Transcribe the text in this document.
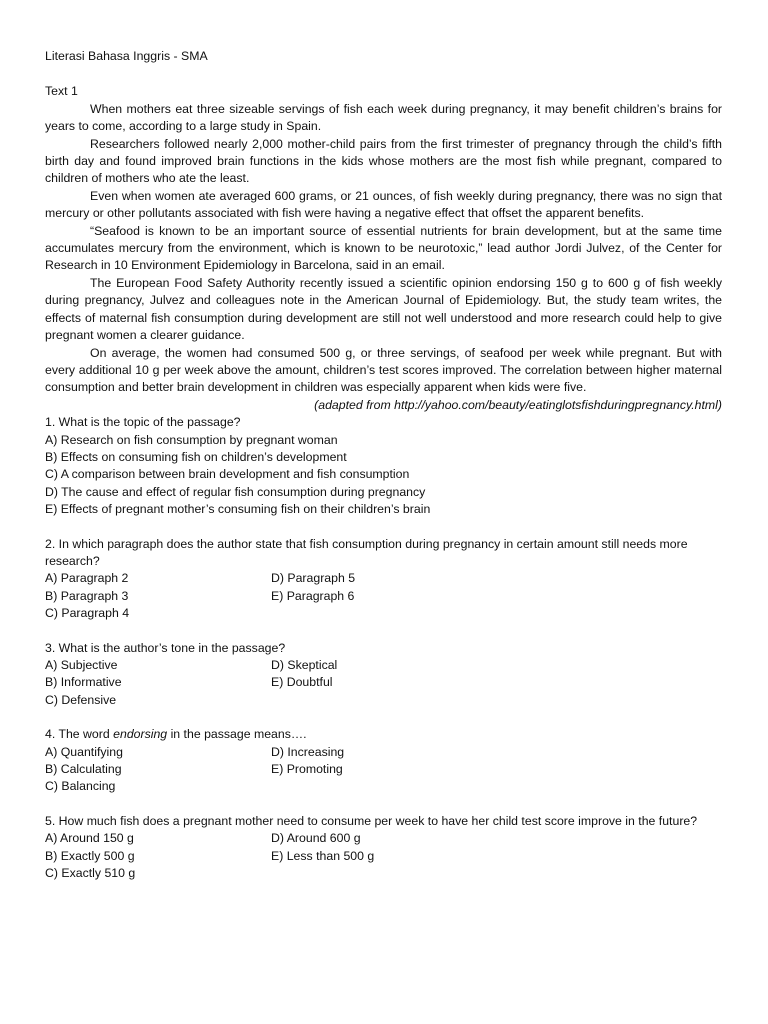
Literasi Bahasa Inggris - SMA
Text 1

When mothers eat three sizeable servings of fish each week during pregnancy, it may benefit children’s brains for years to come, according to a large study in Spain.

Researchers followed nearly 2,000 mother-child pairs from the first trimester of pregnancy through the child’s fifth birth day and found improved brain functions in the kids whose mothers are the most fish while pregnant, compared to children of mothers who ate the least.

Even when women ate averaged 600 grams, or 21 ounces, of fish weekly during pregnancy, there was no sign that mercury or other pollutants associated with fish were having a negative effect that offset the apparent benefits.

“Seafood is known to be an important source of essential nutrients for brain development, but at the same time accumulates mercury from the environment, which is known to be neurotoxic,” lead author Jordi Julvez, of the Center for Research in 10 Environment Epidemiology in Barcelona, said in an email.

The European Food Safety Authority recently issued a scientific opinion endorsing 150 g to 600 g of fish weekly during pregnancy, Julvez and colleagues note in the American Journal of Epidemiology. But, the study team writes, the effects of maternal fish consumption during development are still not well understood and more research could help to give pregnant women a clearer guidance.

On average, the women had consumed 500 g, or three servings, of seafood per week while pregnant. But with every additional 10 g per week above the amount, children’s test scores improved. The correlation between higher maternal consumption and better brain development in children was especially apparent when kids were five.

(adapted from http://yahoo.com/beauty/eatinglotsfishduringpregnancy.html)
1. What is the topic of the passage?
A) Research on fish consumption by pregnant woman
B) Effects on consuming fish on children’s development
C) A comparison between brain development and fish consumption
D) The cause and effect of regular fish consumption during pregnancy
E) Effects of pregnant mother’s consuming fish on their children’s brain
2. In which paragraph does the author state that fish consumption during pregnancy in certain amount still needs more research?
A) Paragraph 2	D) Paragraph 5
B) Paragraph 3	E) Paragraph 6
C) Paragraph 4
3. What is the author’s tone in the passage?
A) Subjective	D) Skeptical
B) Informative	E) Doubtful
C) Defensive
4. The word endorsing in the passage means….
A) Quantifying	D) Increasing
B) Calculating	E) Promoting
C) Balancing
5. How much fish does a pregnant mother need to consume per week to have her child test score improve in the future?
A) Around 150 g	D) Around 600 g
B) Exactly 500 g	E) Less than 500 g
C) Exactly 510 g
